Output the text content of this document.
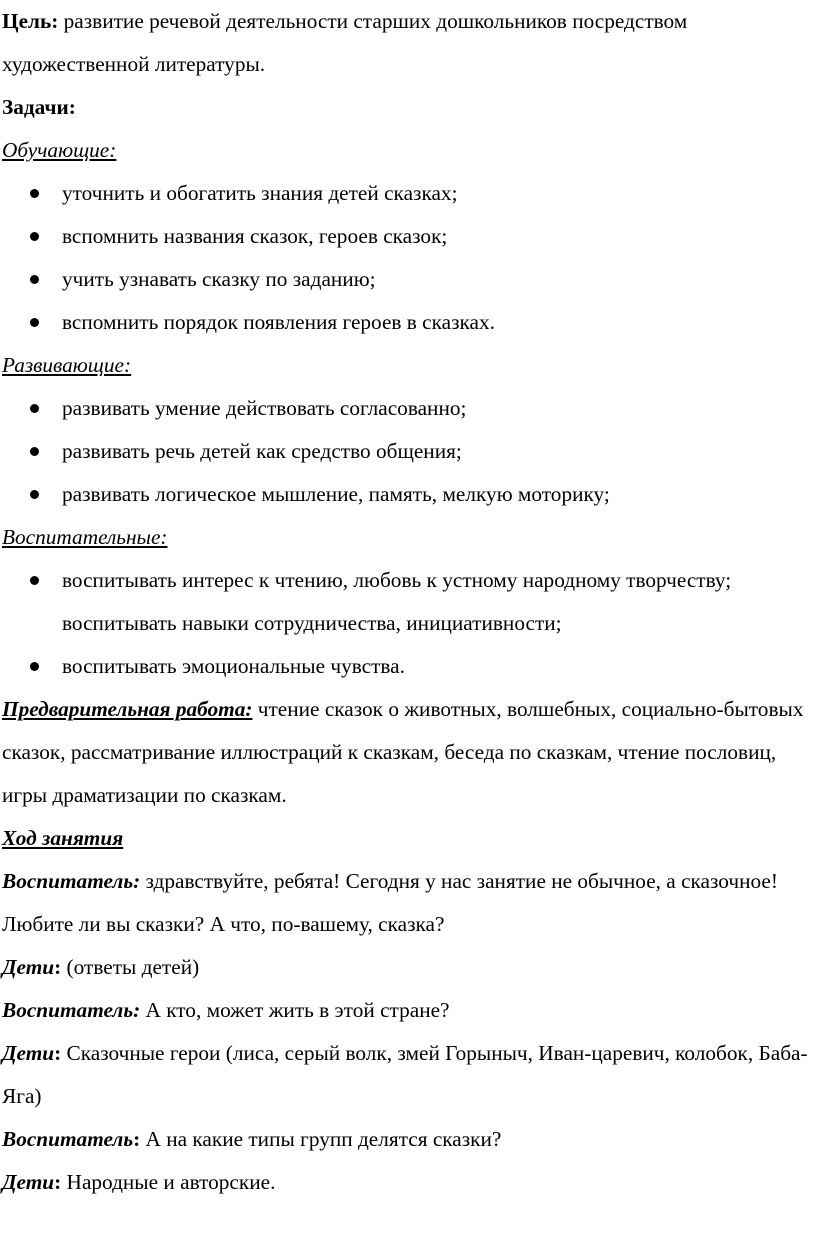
Цель: развитие речевой деятельности старших дошкольников посредством художественной литературы.

Задачи:

Обучающие:

уточнить и обогатить знания детей сказках;
вспомнить названия сказок, героев сказок;
учить узнавать сказку по заданию;
вспомнить порядок появления героев в сказках.

Развивающие:

развивать умение действовать согласованно;
развивать речь детей как средство общения;
развивать логическое мышление, память, мелкую моторику;

Воспитательные:

воспитывать интерес к чтению, любовь к устному народному творчеству; воспитывать навыки сотрудничества, инициативности;
воспитывать эмоциональные чувства.

Предварительная работа: чтение сказок о животных, волшебных, социально-бытовых сказок, рассматривание иллюстраций к сказкам, беседа по сказкам, чтение пословиц, игры драматизации по сказкам.

Ход занятия

Воспитатель: здравствуйте, ребята! Сегодня у нас занятие не обычное, а сказочное!

Любите ли вы сказки? А что, по-вашему, сказка?

Дети: (ответы детей)

Воспитатель: А кто, может жить в этой стране?

Дети: Сказочные герои (лиса, серый волк, змей Горыныч, Иван-царевич, колобок, Баба-Яга)

Воспитатель: А на какие типы групп делятся сказки?

Дети: Народные и авторские.
